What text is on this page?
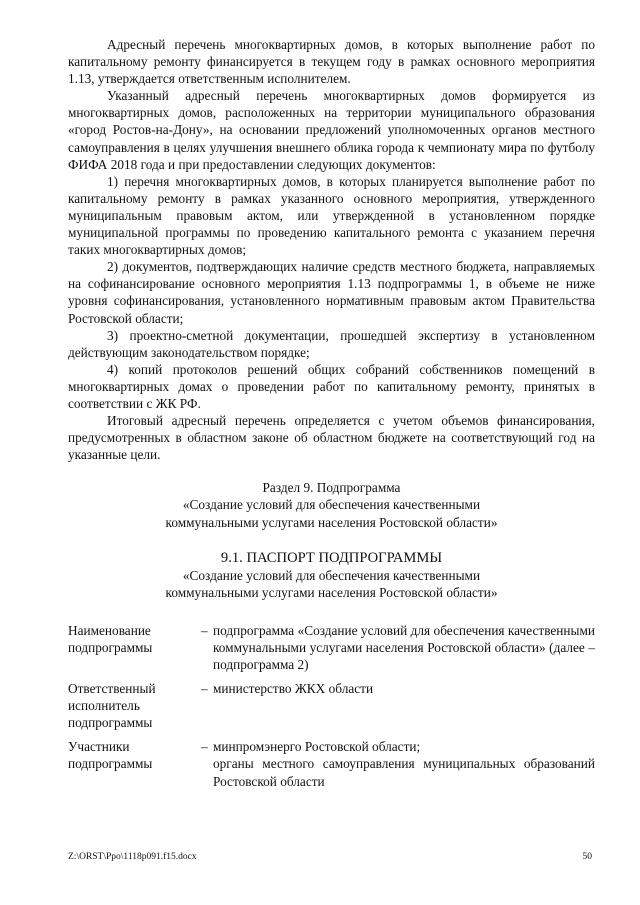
Адресный перечень многоквартирных домов, в которых выполнение работ по капитальному ремонту финансируется в текущем году в рамках основного мероприятия 1.13, утверждается ответственным исполнителем.

Указанный адресный перечень многоквартирных домов формируется из многоквартирных домов, расположенных на территории муниципального образования «город Ростов-на-Дону», на основании предложений уполномоченных органов местного самоуправления в целях улучшения внешнего облика города к чемпионату мира по футболу ФИФА 2018 года и при предоставлении следующих документов:

1) перечня многоквартирных домов, в которых планируется выполнение работ по капитальному ремонту в рамках указанного основного мероприятия, утвержденного муниципальным правовым актом, или утвержденной в установленном порядке муниципальной программы по проведению капитального ремонта с указанием перечня таких многоквартирных домов;

2) документов, подтверждающих наличие средств местного бюджета, направляемых на софинансирование основного мероприятия 1.13 подпрограммы 1, в объеме не ниже уровня софинансирования, установленного нормативным правовым актом Правительства Ростовской области;

3) проектно-сметной документации, прошедшей экспертизу в установленном действующим законодательством порядке;

4) копий протоколов решений общих собраний собственников помещений в многоквартирных домах о проведении работ по капитальному ремонту, принятых в соответствии с ЖК РФ.

Итоговый адресный перечень определяется с учетом объемов финансирования, предусмотренных в областном законе об областном бюджете на соответствующий год на указанные цели.

Раздел 9. Подпрограмма
«Создание условий для обеспечения качественными
коммунальными услугами населения Ростовской области»
9.1. ПАСПОРТ ПОДПРОГРАММЫ
«Создание условий для обеспечения качественными
коммунальными услугами населения Ростовской области»
Наименование подпрограммы
– подпрограмма «Создание условий для обеспечения качественными коммунальными услугами населения Ростовской области» (далее – подпрограмма 2)
Ответственный исполнитель подпрограммы
– министерство ЖКХ области
Участники подпрограммы
– минпромэнерго Ростовской области;
органы местного самоуправления муниципальных образований Ростовской области
Z:\ORST\Ppo\1118p091.f15.docx	50
